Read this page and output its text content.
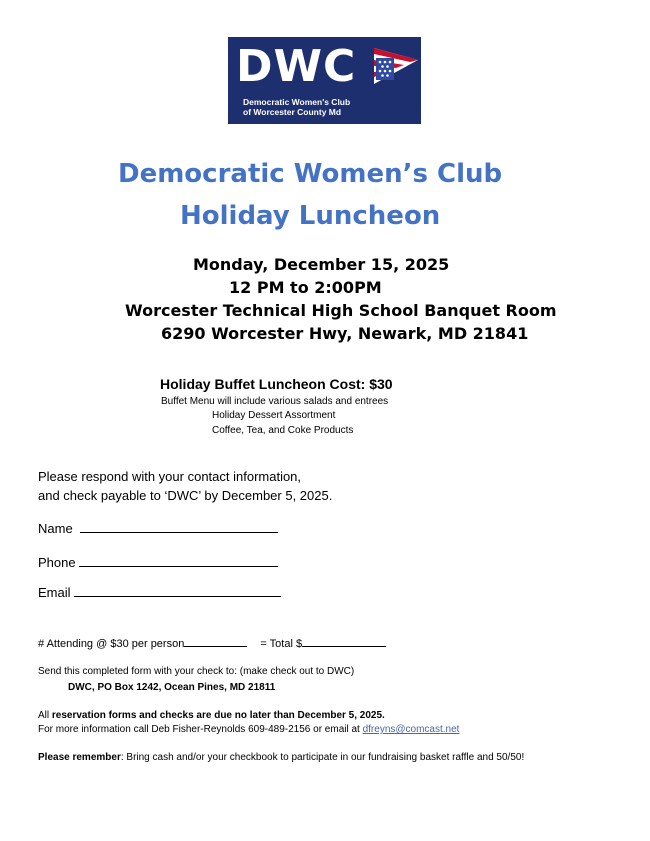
DWC
Democratic Women's Club
of Worcester County Md
Democratic Women’s Club
Holiday Luncheon
Monday, December 15, 2025
12 PM to 2:00PM
Worcester Technical High School Banquet Room
6290 Worcester Hwy, Newark, MD 21841
Holiday Buffet Luncheon Cost: $30
Buffet Menu will include various salads and entrees
Holiday Dessert Assortment
Coffee, Tea, and Coke Products
Please respond with your contact information,
and check payable to ‘DWC’ by December 5, 2025.
Name
Phone
Email
# Attending @ $30 per person	= Total $
Send this completed form with your check to: (make check out to DWC)
DWC, PO Box 1242, Ocean Pines, MD 21811
All reservation forms and checks are due no later than December 5, 2025.
For more information call Deb Fisher-Reynolds 609-489-2156 or email at dfreyns@comcast.net
Please remember: Bring cash and/or your checkbook to participate in our fundraising basket raffle and 50/50!
